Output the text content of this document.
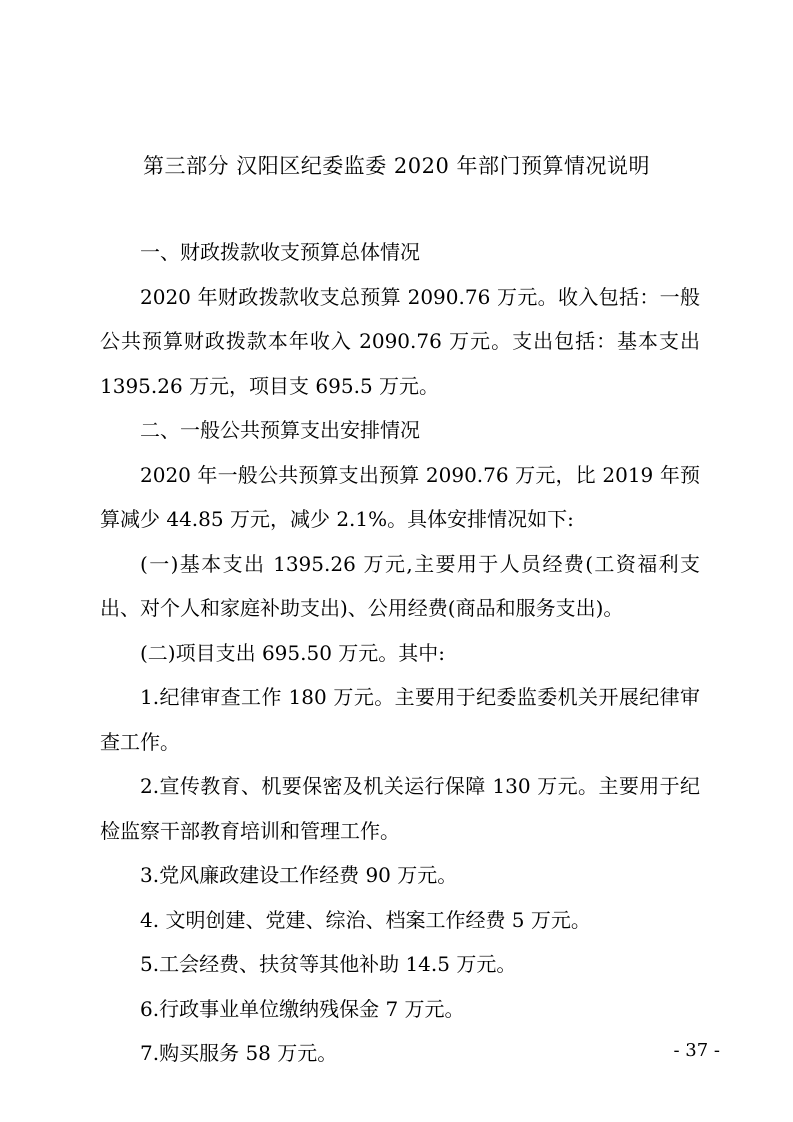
第三部分 汉阳区纪委监委 2020 年部门预算情况说明

一、财政拨款收支预算总体情况

2020 年财政拨款收支总预算 2090.76 万元。收入包括：一般公共预算财政拨款本年收入 2090.76 万元。支出包括：基本支出 1395.26 万元，项目支 695.5 万元。

二、一般公共预算支出安排情况

2020 年一般公共预算支出预算 2090.76 万元，比 2019 年预算减少 44.85 万元，减少 2.1%。具体安排情况如下:

(一)基本支出 1395.26 万元,主要用于人员经费(工资福利支出、对个人和家庭补助支出)、公用经费(商品和服务支出)。

(二)项目支出 695.50 万元。其中:

1.纪律审查工作 180 万元。主要用于纪委监委机关开展纪律审查工作。

2.宣传教育、机要保密及机关运行保障 130 万元。主要用于纪检监察干部教育培训和管理工作。

3.党风廉政建设工作经费 90 万元。

4. 文明创建、党建、综治、档案工作经费 5 万元。

5.工会经费、扶贫等其他补助 14.5 万元。

6.行政事业单位缴纳残保金 7 万元。

7.购买服务 58 万元。	- 37 -
